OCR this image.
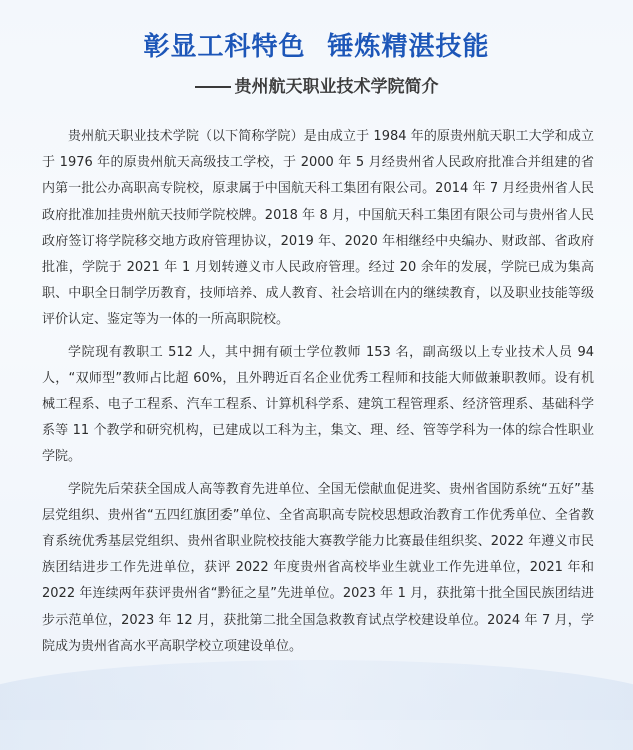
彰显工科特色 锤炼精湛技能
贵州航天职业技术学院简介

贵州航天职业技术学院（以下简称学院）是由成立于 1984 年的原贵州航天职工大学和成立于 1976 年的原贵州航天高级技工学校，于 2000 年 5 月经贵州省人民政府批准合并组建的省内第一批公办高职高专院校，原隶属于中国航天科工集团有限公司。2014 年 7 月经贵州省人民政府批准加挂贵州航天技师学院校牌。2018 年 8 月，中国航天科工集团有限公司与贵州省人民政府签订将学院移交地方政府管理协议，2019 年、2020 年相继经中央编办、财政部、省政府批准，学院于 2021 年 1 月划转遵义市人民政府管理。经过 20 余年的发展，学院已成为集高职、中职全日制学历教育，技师培养、成人教育、社会培训在内的继续教育，以及职业技能等级评价认定、鉴定等为一体的一所高职院校。

学院现有教职工 512 人，其中拥有硕士学位教师 153 名，副高级以上专业技术人员 94 人，“双师型”教师占比超 60%，且外聘近百名企业优秀工程师和技能大师做兼职教师。设有机械工程系、电子工程系、汽车工程系、计算机科学系、建筑工程管理系、经济管理系、基础科学系等 11 个教学和研究机构，已建成以工科为主，集文、理、经、管等学科为一体的综合性职业学院。

学院先后荣获全国成人高等教育先进单位、全国无偿献血促进奖、贵州省国防系统“五好”基层党组织、贵州省“五四红旗团委”单位、全省高职高专院校思想政治教育工作优秀单位、全省教育系统优秀基层党组织、贵州省职业院校技能大赛教学能力比赛最佳组织奖、2022 年遵义市民族团结进步工作先进单位，获评 2022 年度贵州省高校毕业生就业工作先进单位，2021 年和 2022 年连续两年获评贵州省“黔征之星”先进单位。2023 年 1 月，获批第十批全国民族团结进步示范单位，2023 年 12 月，获批第二批全国急救教育试点学校建设单位。2024 年 7 月，学院成为贵州省高水平高职学校立项建设单位。
